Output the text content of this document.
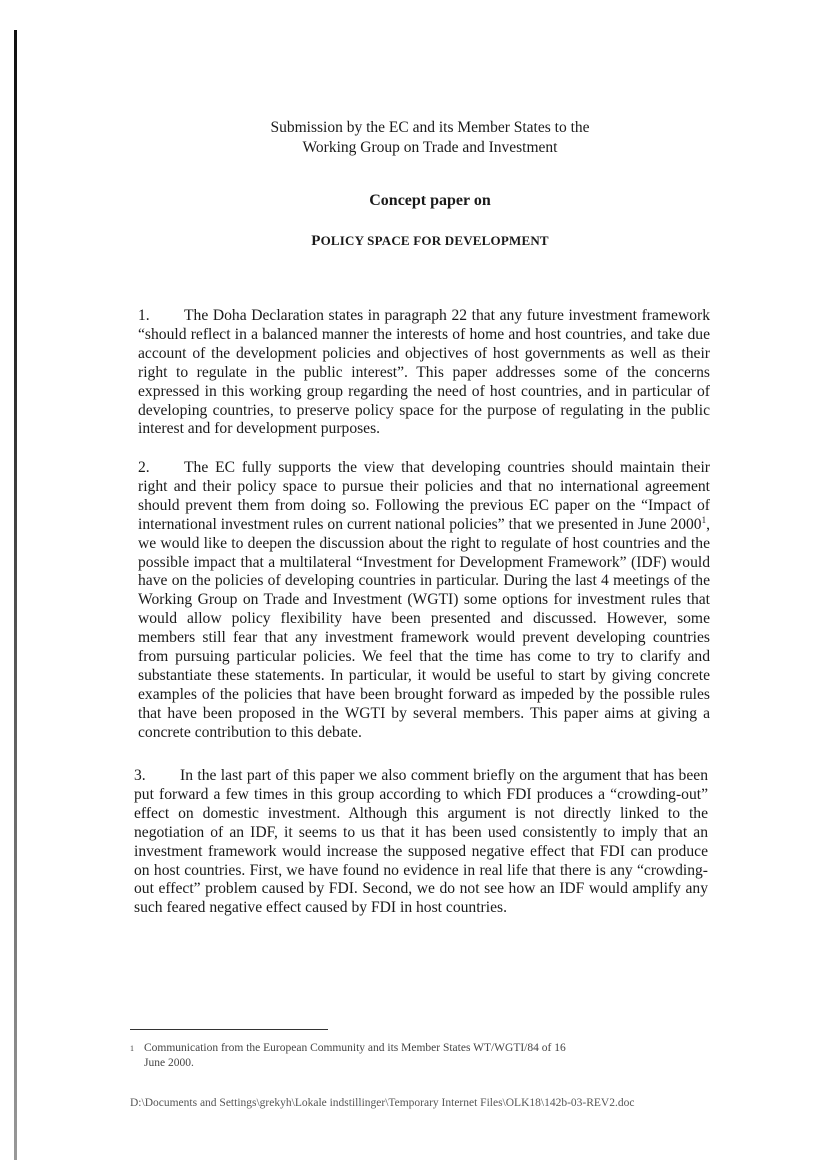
Submission by the EC and its Member States to the
Working Group on Trade and Investment
Concept paper on
POLICY SPACE FOR DEVELOPMENT
1. The Doha Declaration states in paragraph 22 that any future investment framework “should reflect in a balanced manner the interests of home and host countries, and take due account of the development policies and objectives of host governments as well as their right to regulate in the public interest”. This paper addresses some of the concerns expressed in this working group regarding the need of host countries, and in particular of developing countries, to preserve policy space for the purpose of regulating in the public interest and for development purposes.
2. The EC fully supports the view that developing countries should maintain their right and their policy space to pursue their policies and that no international agreement should prevent them from doing so. Following the previous EC paper on the “Impact of international investment rules on current national policies” that we presented in June 2000$^1$, we would like to deepen the discussion about the right to regulate of host countries and the possible impact that a multilateral “Investment for Development Framework” (IDF) would have on the policies of developing countries in particular. During the last 4 meetings of the Working Group on Trade and Investment (WGTI) some options for investment rules that would allow policy flexibility have been presented and discussed. However, some members still fear that any investment framework would prevent developing countries from pursuing particular policies. We feel that the time has come to try to clarify and substantiate these statements. In particular, it would be useful to start by giving concrete examples of the policies that have been brought forward as impeded by the possible rules that have been proposed in the WGTI by several members. This paper aims at giving a concrete contribution to this debate.
3. In the last part of this paper we also comment briefly on the argument that has been put forward a few times in this group according to which FDI produces a “crowding-out” effect on domestic investment. Although this argument is not directly linked to the negotiation of an IDF, it seems to us that it has been used consistently to imply that an investment framework would increase the supposed negative effect that FDI can produce on host countries. First, we have found no evidence in real life that there is any “crowding-out effect” problem caused by FDI. Second, we do not see how an IDF would amplify any such feared negative effect caused by FDI in host countries.
1 Communication from the European Community and its Member States WT/WGTI/84 of 16
June 2000.
D:\Documents and Settings\grekyh\Lokale indstillinger\Temporary Internet Files\OLK18\142b-03-REV2.doc
